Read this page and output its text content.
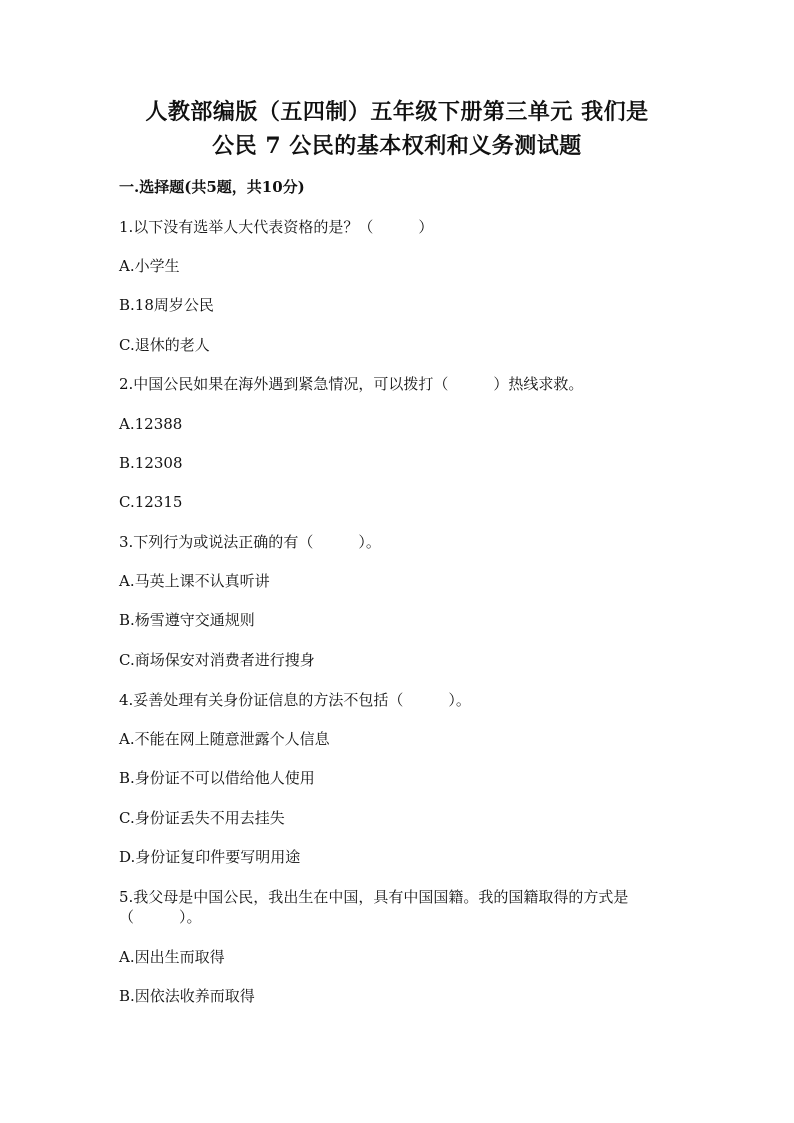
人教部编版（五四制）五年级下册第三单元 我们是
公民 7 公民的基本权利和义务测试题
一.选择题(共5题，共10分)
1.以下没有选举人大代表资格的是？（　　　）
A.小学生
B.18周岁公民
C.退休的老人
2.中国公民如果在海外遇到紧急情况，可以拨打（　　　）热线求救。
A.12388
B.12308
C.12315
3.下列行为或说法正确的有（　　　）。
A.马英上课不认真听讲
B.杨雪遵守交通规则
C.商场保安对消费者进行搜身
4.妥善处理有关身份证信息的方法不包括（　　　）。
A.不能在网上随意泄露个人信息
B.身份证不可以借给他人使用
C.身份证丢失不用去挂失
D.身份证复印件要写明用途
5.我父母是中国公民，我出生在中国，具有中国国籍。我的国籍取得的方式是
（　　　）。
A.因出生而取得
B.因依法收养而取得
